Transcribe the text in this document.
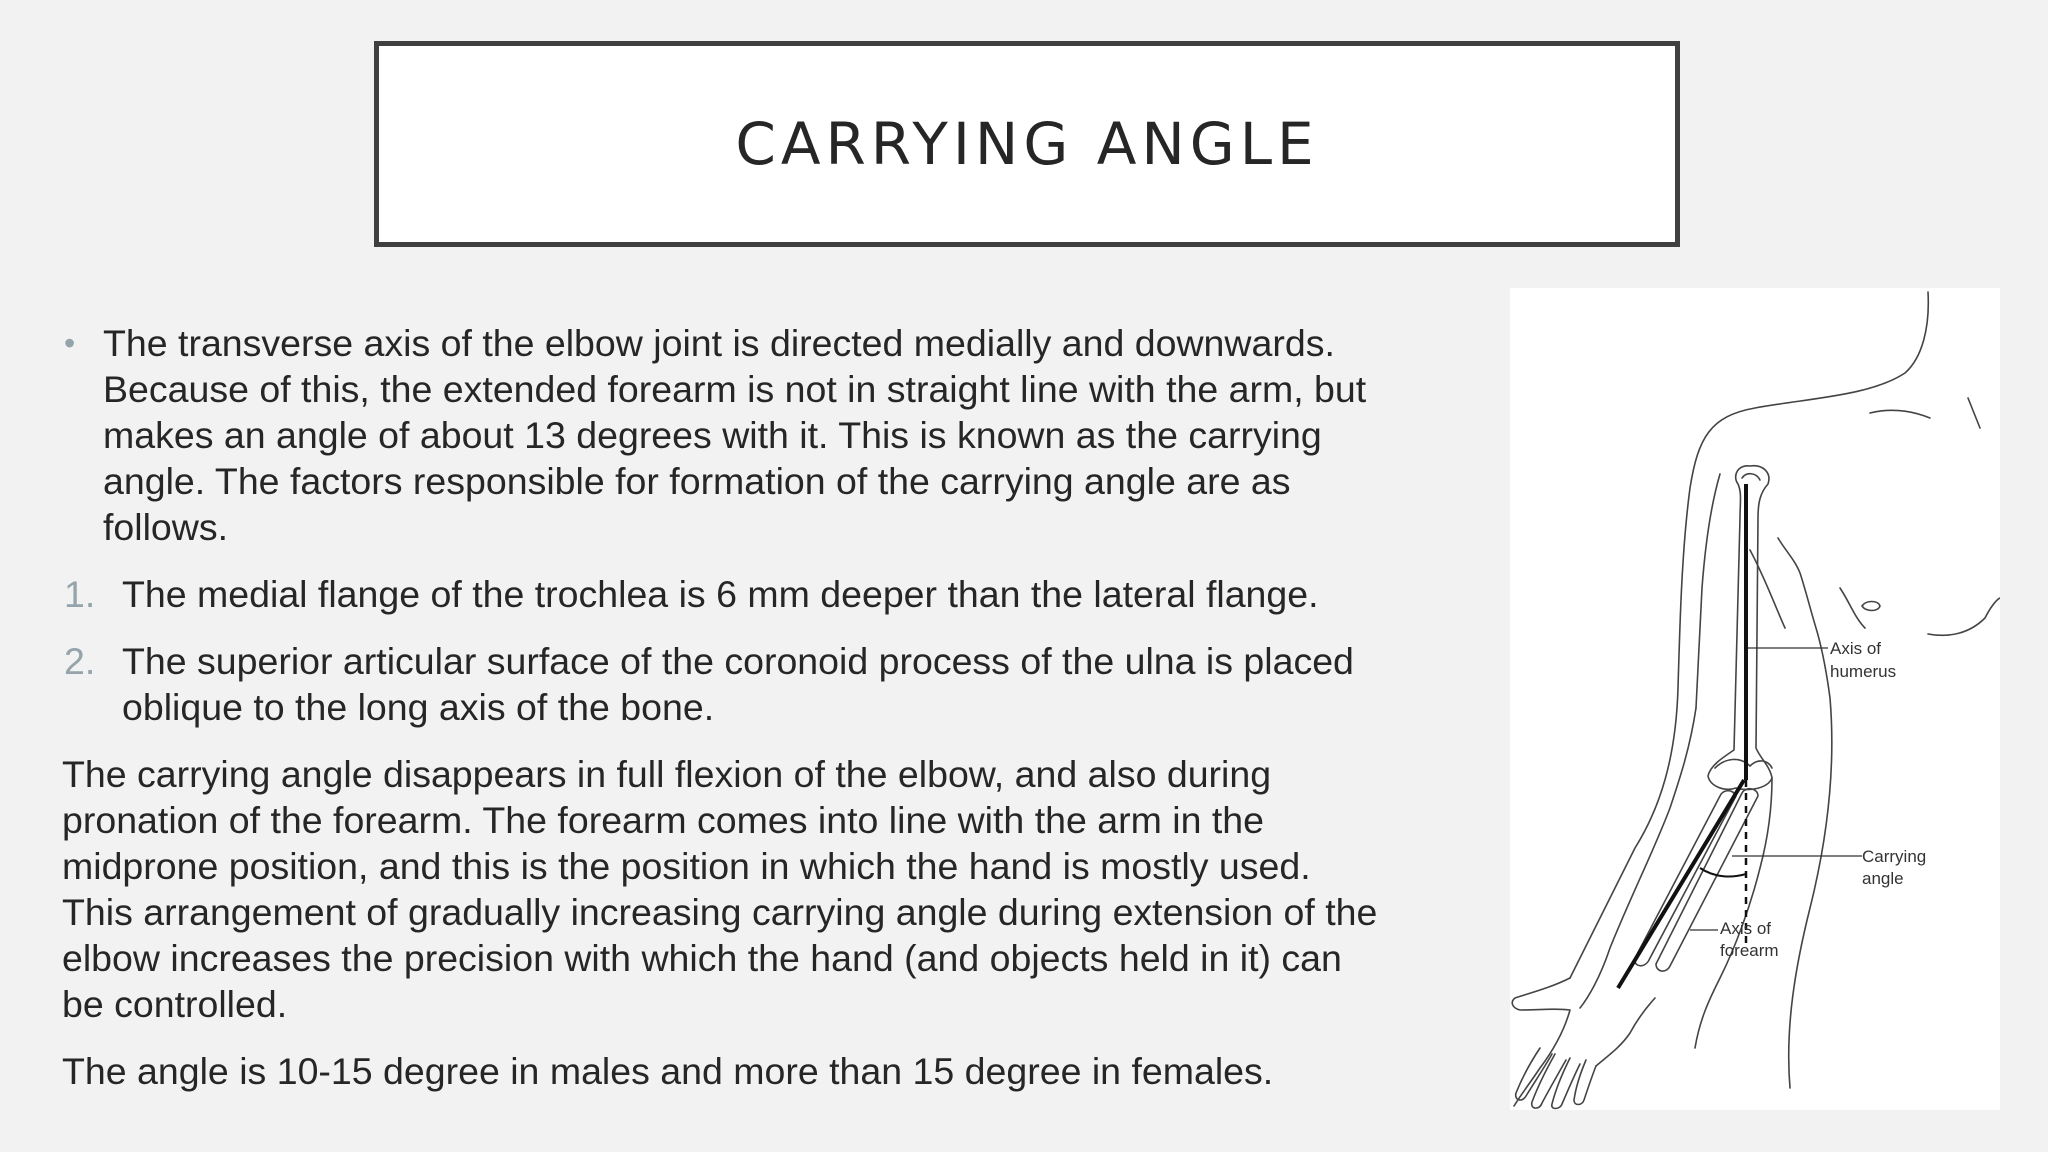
CARRYING ANGLE

• The transverse axis of the elbow joint is directed medially and downwards. Because of this, the extended forearm is not in straight line with the arm, but makes an angle of about 13 degrees with it. This is known as the carrying angle. The factors responsible for formation of the carrying angle are as follows.

1. The medial flange of the trochlea is 6 mm deeper than the lateral flange.

2. The superior articular surface of the coronoid process of the ulna is placed oblique to the long axis of the bone.

The carrying angle disappears in full flexion of the elbow, and also during pronation of the forearm. The forearm comes into line with the arm in the midprone position, and this is the position in which the hand is mostly used. This arrangement of gradually increasing carrying angle during extension of the elbow increases the precision with which the hand (and objects held in it) can be controlled.

The angle is 10-15 degree in males and more than 15 degree in females.

Axis of
humerus
Carrying
angle
Axis of
forearm
